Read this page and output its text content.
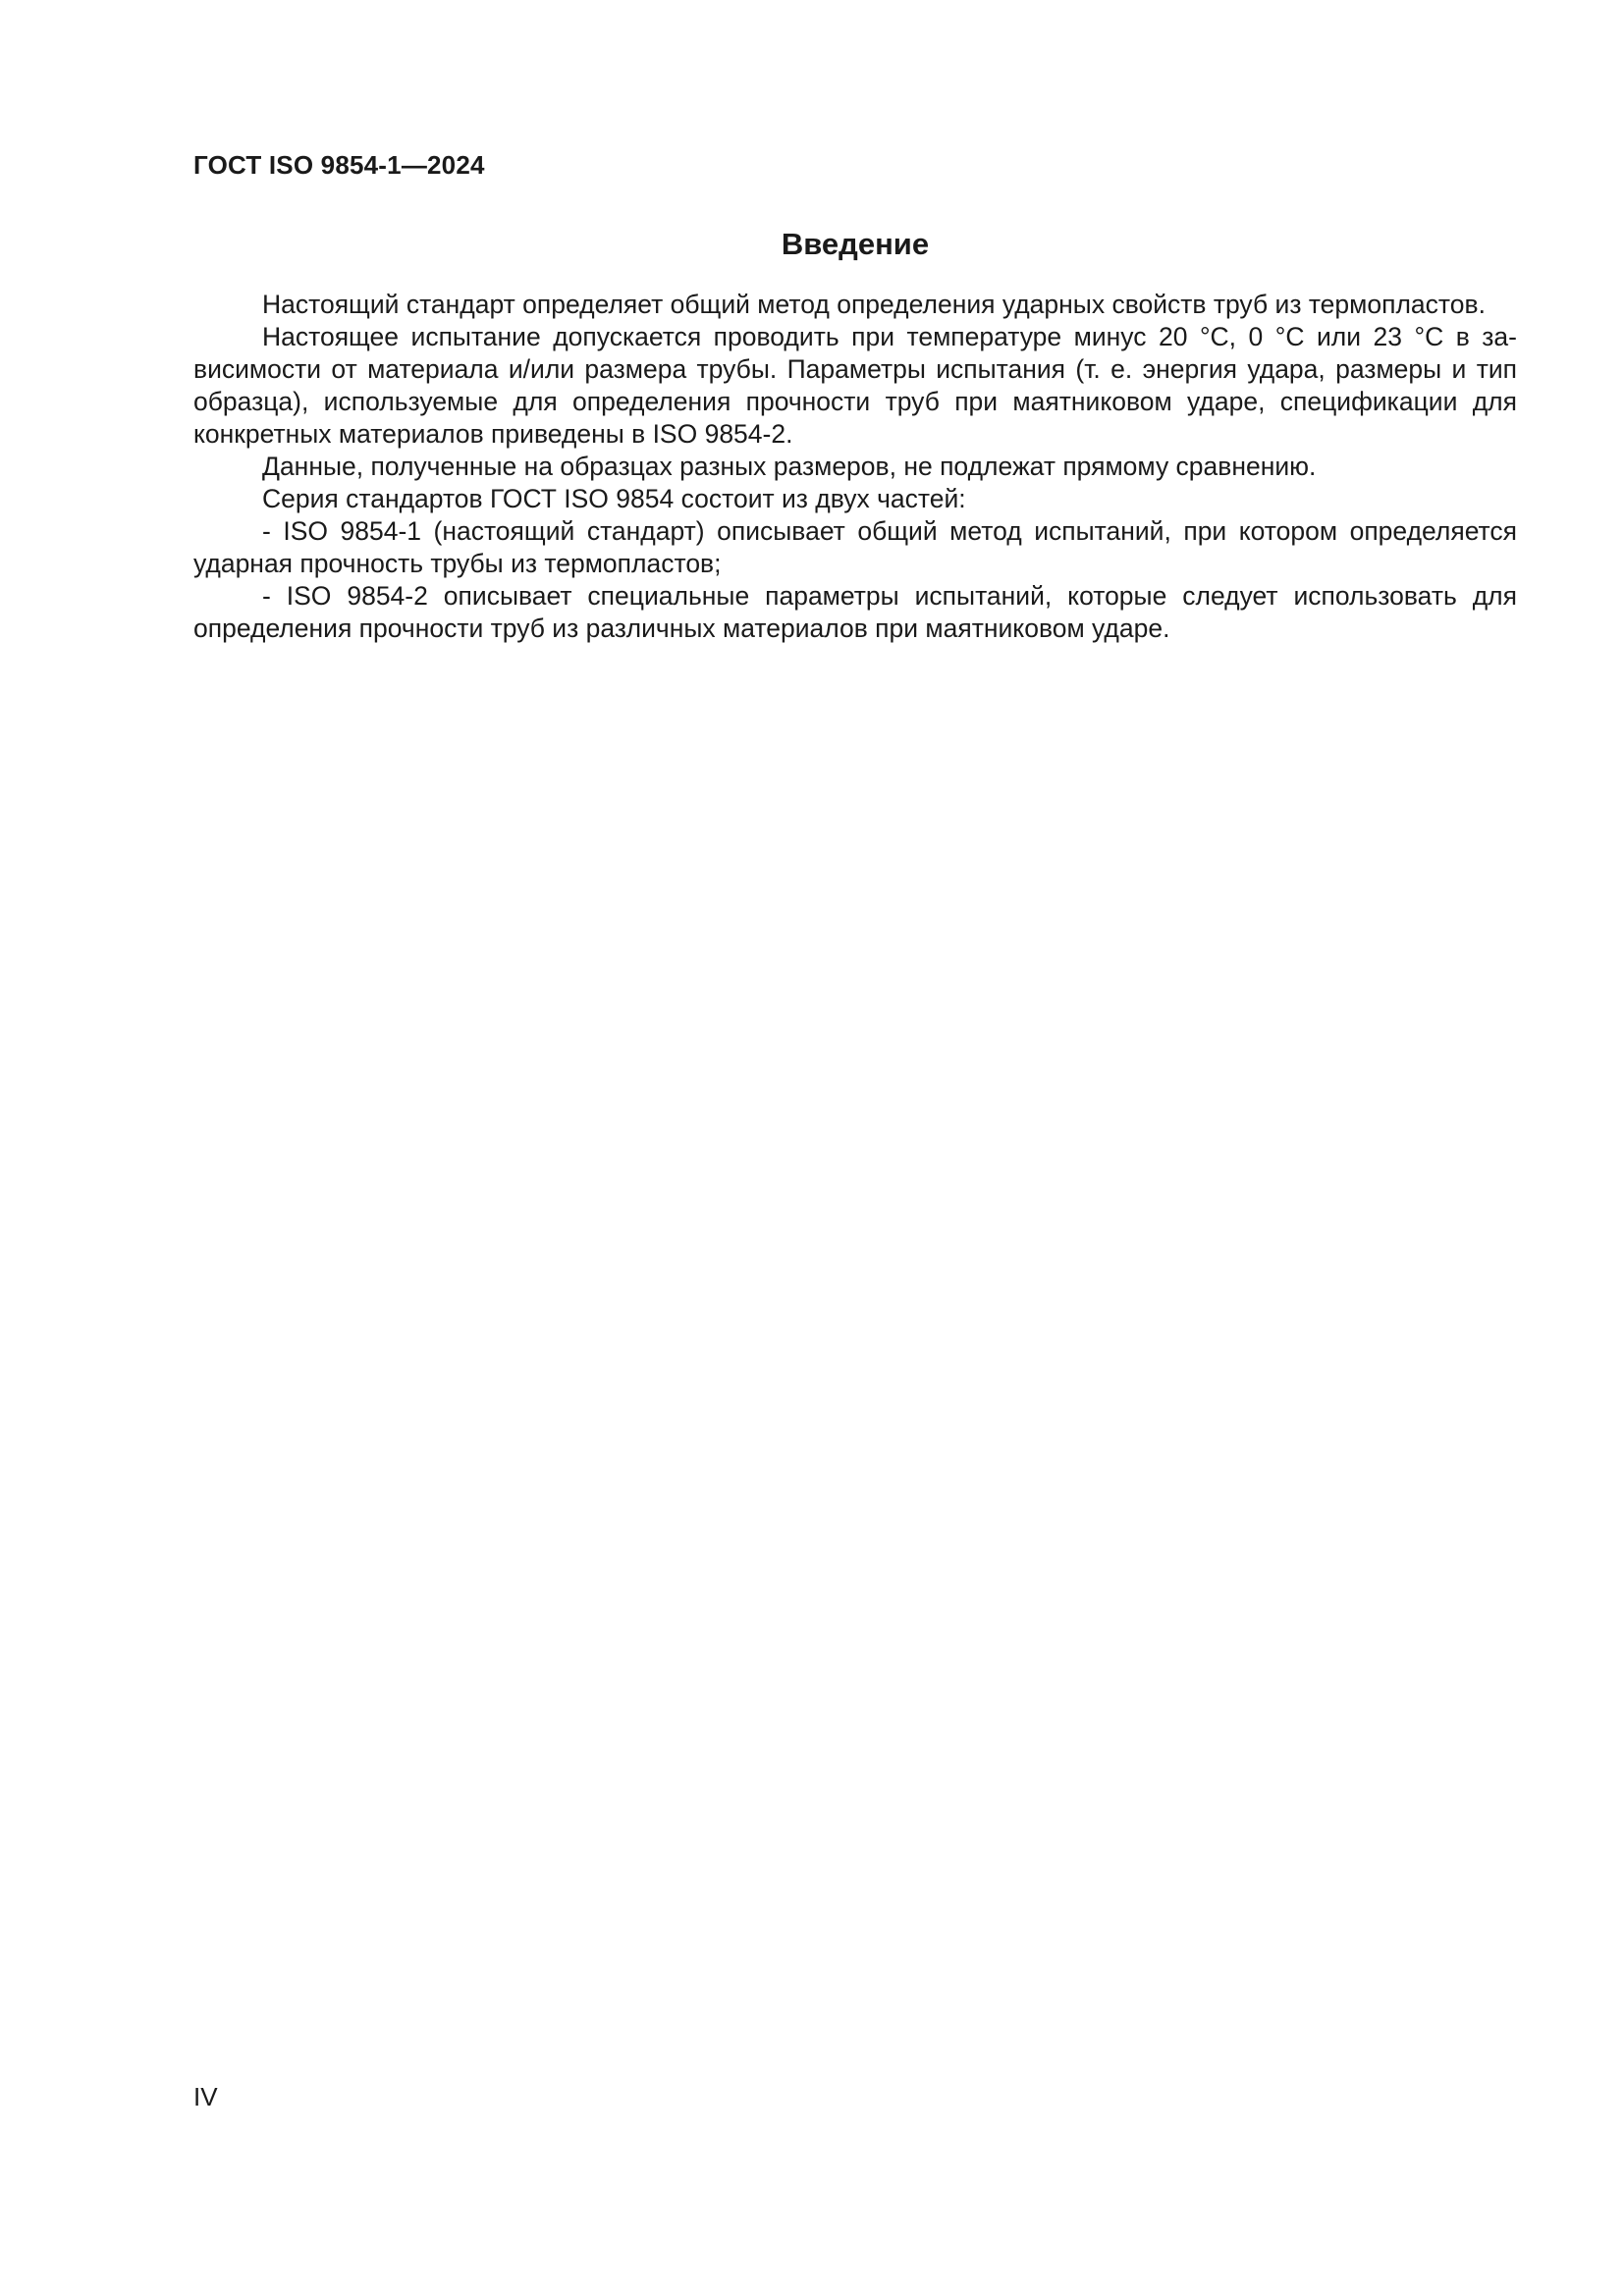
ГОСТ ISO 9854-1—2024
Введение

Настоящий стандарт определяет общий метод определения ударных свойств труб из термопластов.

Настоящее испытание допускается проводить при температуре минус 20 °С, 0 °С или 23 °С в зависимости от материала и/или размера трубы. Параметры испытания (т. е. энергия удара, размеры и тип образца), используемые для определения прочности труб при маятниковом ударе, спецификации для конкретных материалов приведены в ISO 9854-2.

Данные, полученные на образцах разных размеров, не подлежат прямому сравнению.

Серия стандартов ГОСТ ISO 9854 состоит из двух частей:

- ISO 9854-1 (настоящий стандарт) описывает общий метод испытаний, при котором определяется ударная прочность трубы из термопластов;

- ISO 9854-2 описывает специальные параметры испытаний, которые следует использовать для определения прочности труб из различных материалов при маятниковом ударе.

IV
